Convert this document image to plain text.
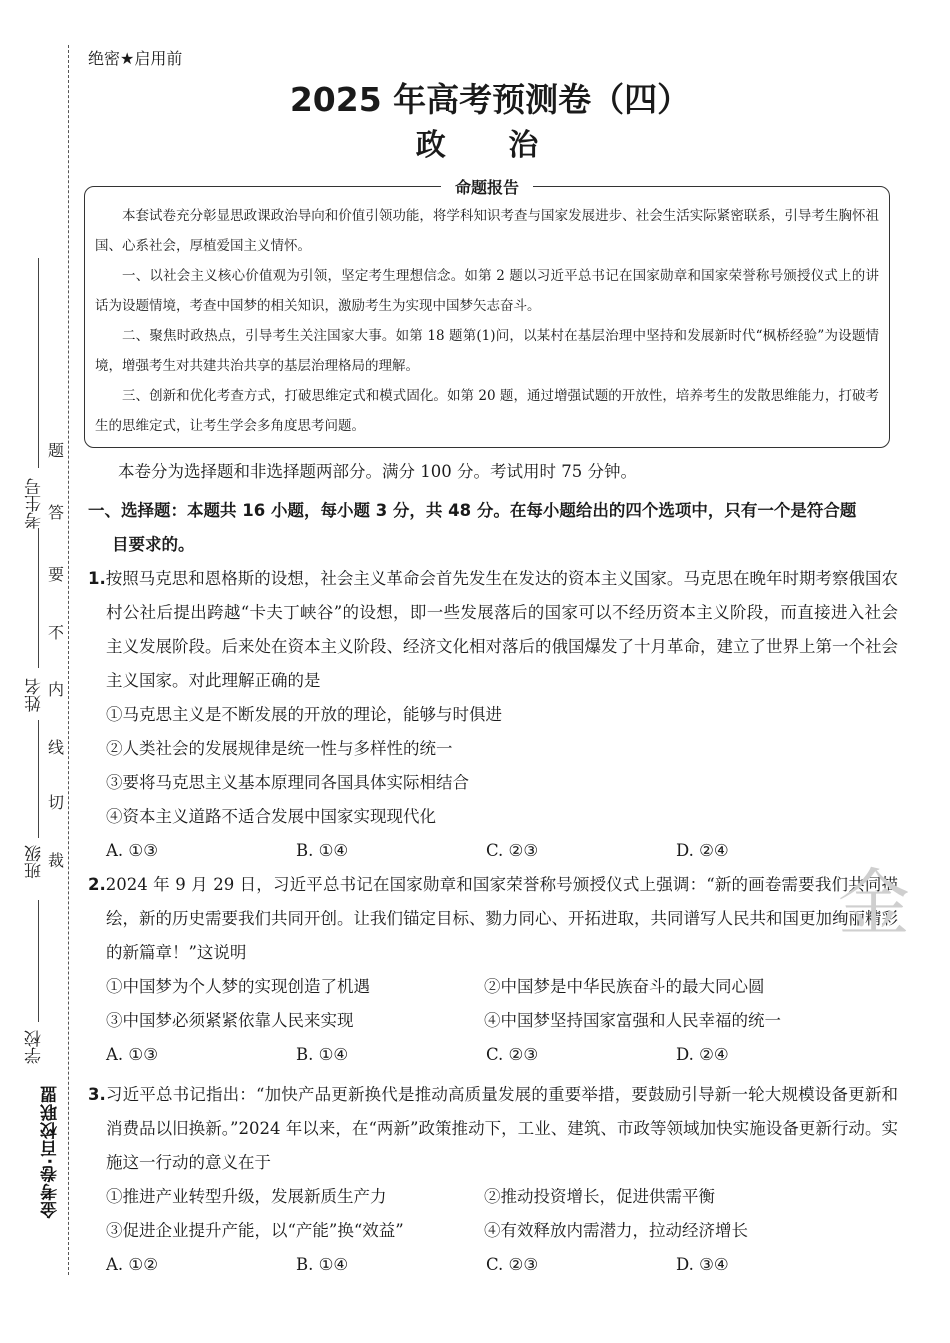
考生号
姓名
班级
学校
题
答
要
不
内
线
切
裁
金考卷·百校联盟
绝密★启用前
2025 年高考预测卷（四）
政 治
命题报告

本套试卷充分彰显思政课政治导向和价值引领功能，将学科知识考查与国家发展进步、社会生活实际紧密联系，引导考生胸怀祖国、心系社会，厚植爱国主义情怀。

一、以社会主义核心价值观为引领，坚定考生理想信念。如第 2 题以习近平总书记在国家勋章和国家荣誉称号颁授仪式上的讲话为设题情境，考查中国梦的相关知识，激励考生为实现中国梦矢志奋斗。

二、聚焦时政热点，引导考生关注国家大事。如第 18 题第(1)问，以某村在基层治理中坚持和发展新时代“枫桥经验”为设题情境，增强考生对共建共治共享的基层治理格局的理解。

三、创新和优化考查方式，打破思维定式和模式固化。如第 20 题，通过增强试题的开放性，培养考生的发散思维能力，打破考生的思维定式，让考生学会多角度思考问题。

本卷分为选择题和非选择题两部分。满分 100 分。考试用时 75 分钟。
一、选择题：本题共 16 小题，每小题 3 分，共 48 分。在每小题给出的四个选项中，只有一个是符合题
目要求的。
1.按照马克思和恩格斯的设想，社会主义革命会首先发生在发达的资本主义国家。马克思在晚年时期考察俄国农村公社后提出跨越“卡夫丁峡谷”的设想，即一些发展落后的国家可以不经历资本主义阶段，而直接进入社会主义发展阶段。后来处在资本主义阶段、经济文化相对落后的俄国爆发了十月革命，建立了世界上第一个社会主义国家。对此理解正确的是
①马克思主义是不断发展的开放的理论，能够与时俱进
②人类社会的发展规律是统一性与多样性的统一
③要将马克思主义基本原理同各国具体实际相结合
④资本主义道路不适合发展中国家实现现代化
A. ①③	B. ①④	C. ②③	D. ②④
2.2024 年 9 月 29 日，习近平总书记在国家勋章和国家荣誉称号颁授仪式上强调：“新的画卷需要我们共同描绘，新的历史需要我们共同开创。让我们锚定目标、勠力同心、开拓进取，共同谱写人民共和国更加绚丽精彩的新篇章！”这说明
①中国梦为个人梦的实现创造了机遇	②中国梦是中华民族奋斗的最大同心圆
③中国梦必须紧紧依靠人民来实现	④中国梦坚持国家富强和人民幸福的统一
A. ①③	B. ①④	C. ②③	D. ②④
3.习近平总书记指出：“加快产品更新换代是推动高质量发展的重要举措，要鼓励引导新一轮大规模设备更新和消费品以旧换新。”2024 年以来，在“两新”政策推动下，工业、建筑、市政等领域加快实施设备更新行动。实施这一行动的意义在于
①推进产业转型升级，发展新质生产力	②推动投资增长，促进供需平衡
③促进企业提升产能，以“产能”换“效益”	④有效释放内需潜力，拉动经济增长
A. ①②	B. ①④	C. ②③	D. ③④
金
